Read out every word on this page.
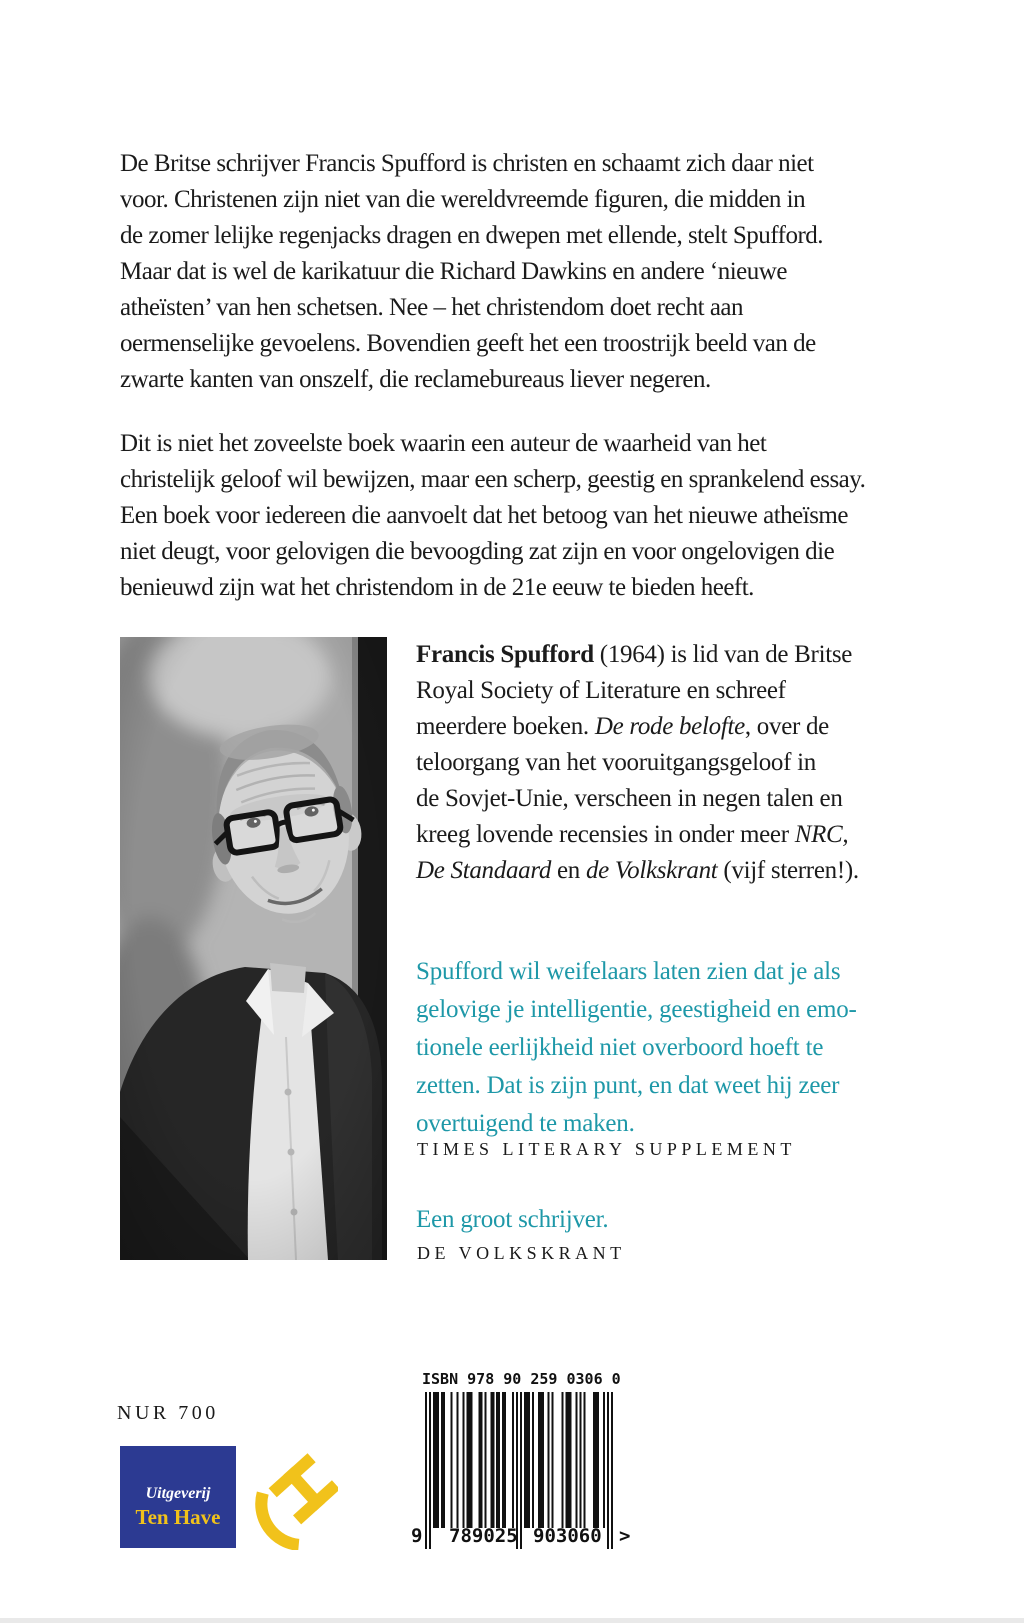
De Britse schrijver Francis Spufford is christen en schaamt zich daar niet
voor. Christenen zijn niet van die wereldvreemde figuren, die midden in
de zomer lelijke regenjacks dragen en dwepen met ellende, stelt Spufford.
Maar dat is wel de karikatuur die Richard Dawkins en andere ‘nieuwe
atheïsten’ van hen schetsen. Nee – het christendom doet recht aan
oermenselijke gevoelens. Bovendien geeft het een troostrijk beeld van de
zwarte kanten van onszelf, die reclamebureaus liever negeren.
Dit is niet het zoveelste boek waarin een auteur de waarheid van het
christelijk geloof wil bewijzen, maar een scherp, geestig en sprankelend essay.
Een boek voor iedereen die aanvoelt dat het betoog van het nieuwe atheïsme
niet deugt, voor gelovigen die bevoogding zat zijn en voor ongelovigen die
benieuwd zijn wat het christendom in de 21e eeuw te bieden heeft.
Francis Spufford (1964) is lid van de Britse
Royal Society of Literature en schreef
meerdere boeken. De rode belofte, over de
teloorgang van het vooruitgangsgeloof in
de Sovjet-Unie, verscheen in negen talen en
kreeg lovende recensies in onder meer NRC,
De Standaard en de Volkskrant (vijf sterren!).
Spufford wil weifelaars laten zien dat je als
gelovige je intelligentie, geestigheid en emo-
tionele eerlijkheid niet overboord hoeft te
zetten. Dat is zijn punt, en dat weet hij zeer
overtuigend te maken.
TIMES LITERARY SUPPLEMENT
Een groot schrijver.
DE VOLKSKRANT
NUR 700
Uitgeverij
Ten Have
ISBN 978 90 259 0306 0
9 789025 903060 >
